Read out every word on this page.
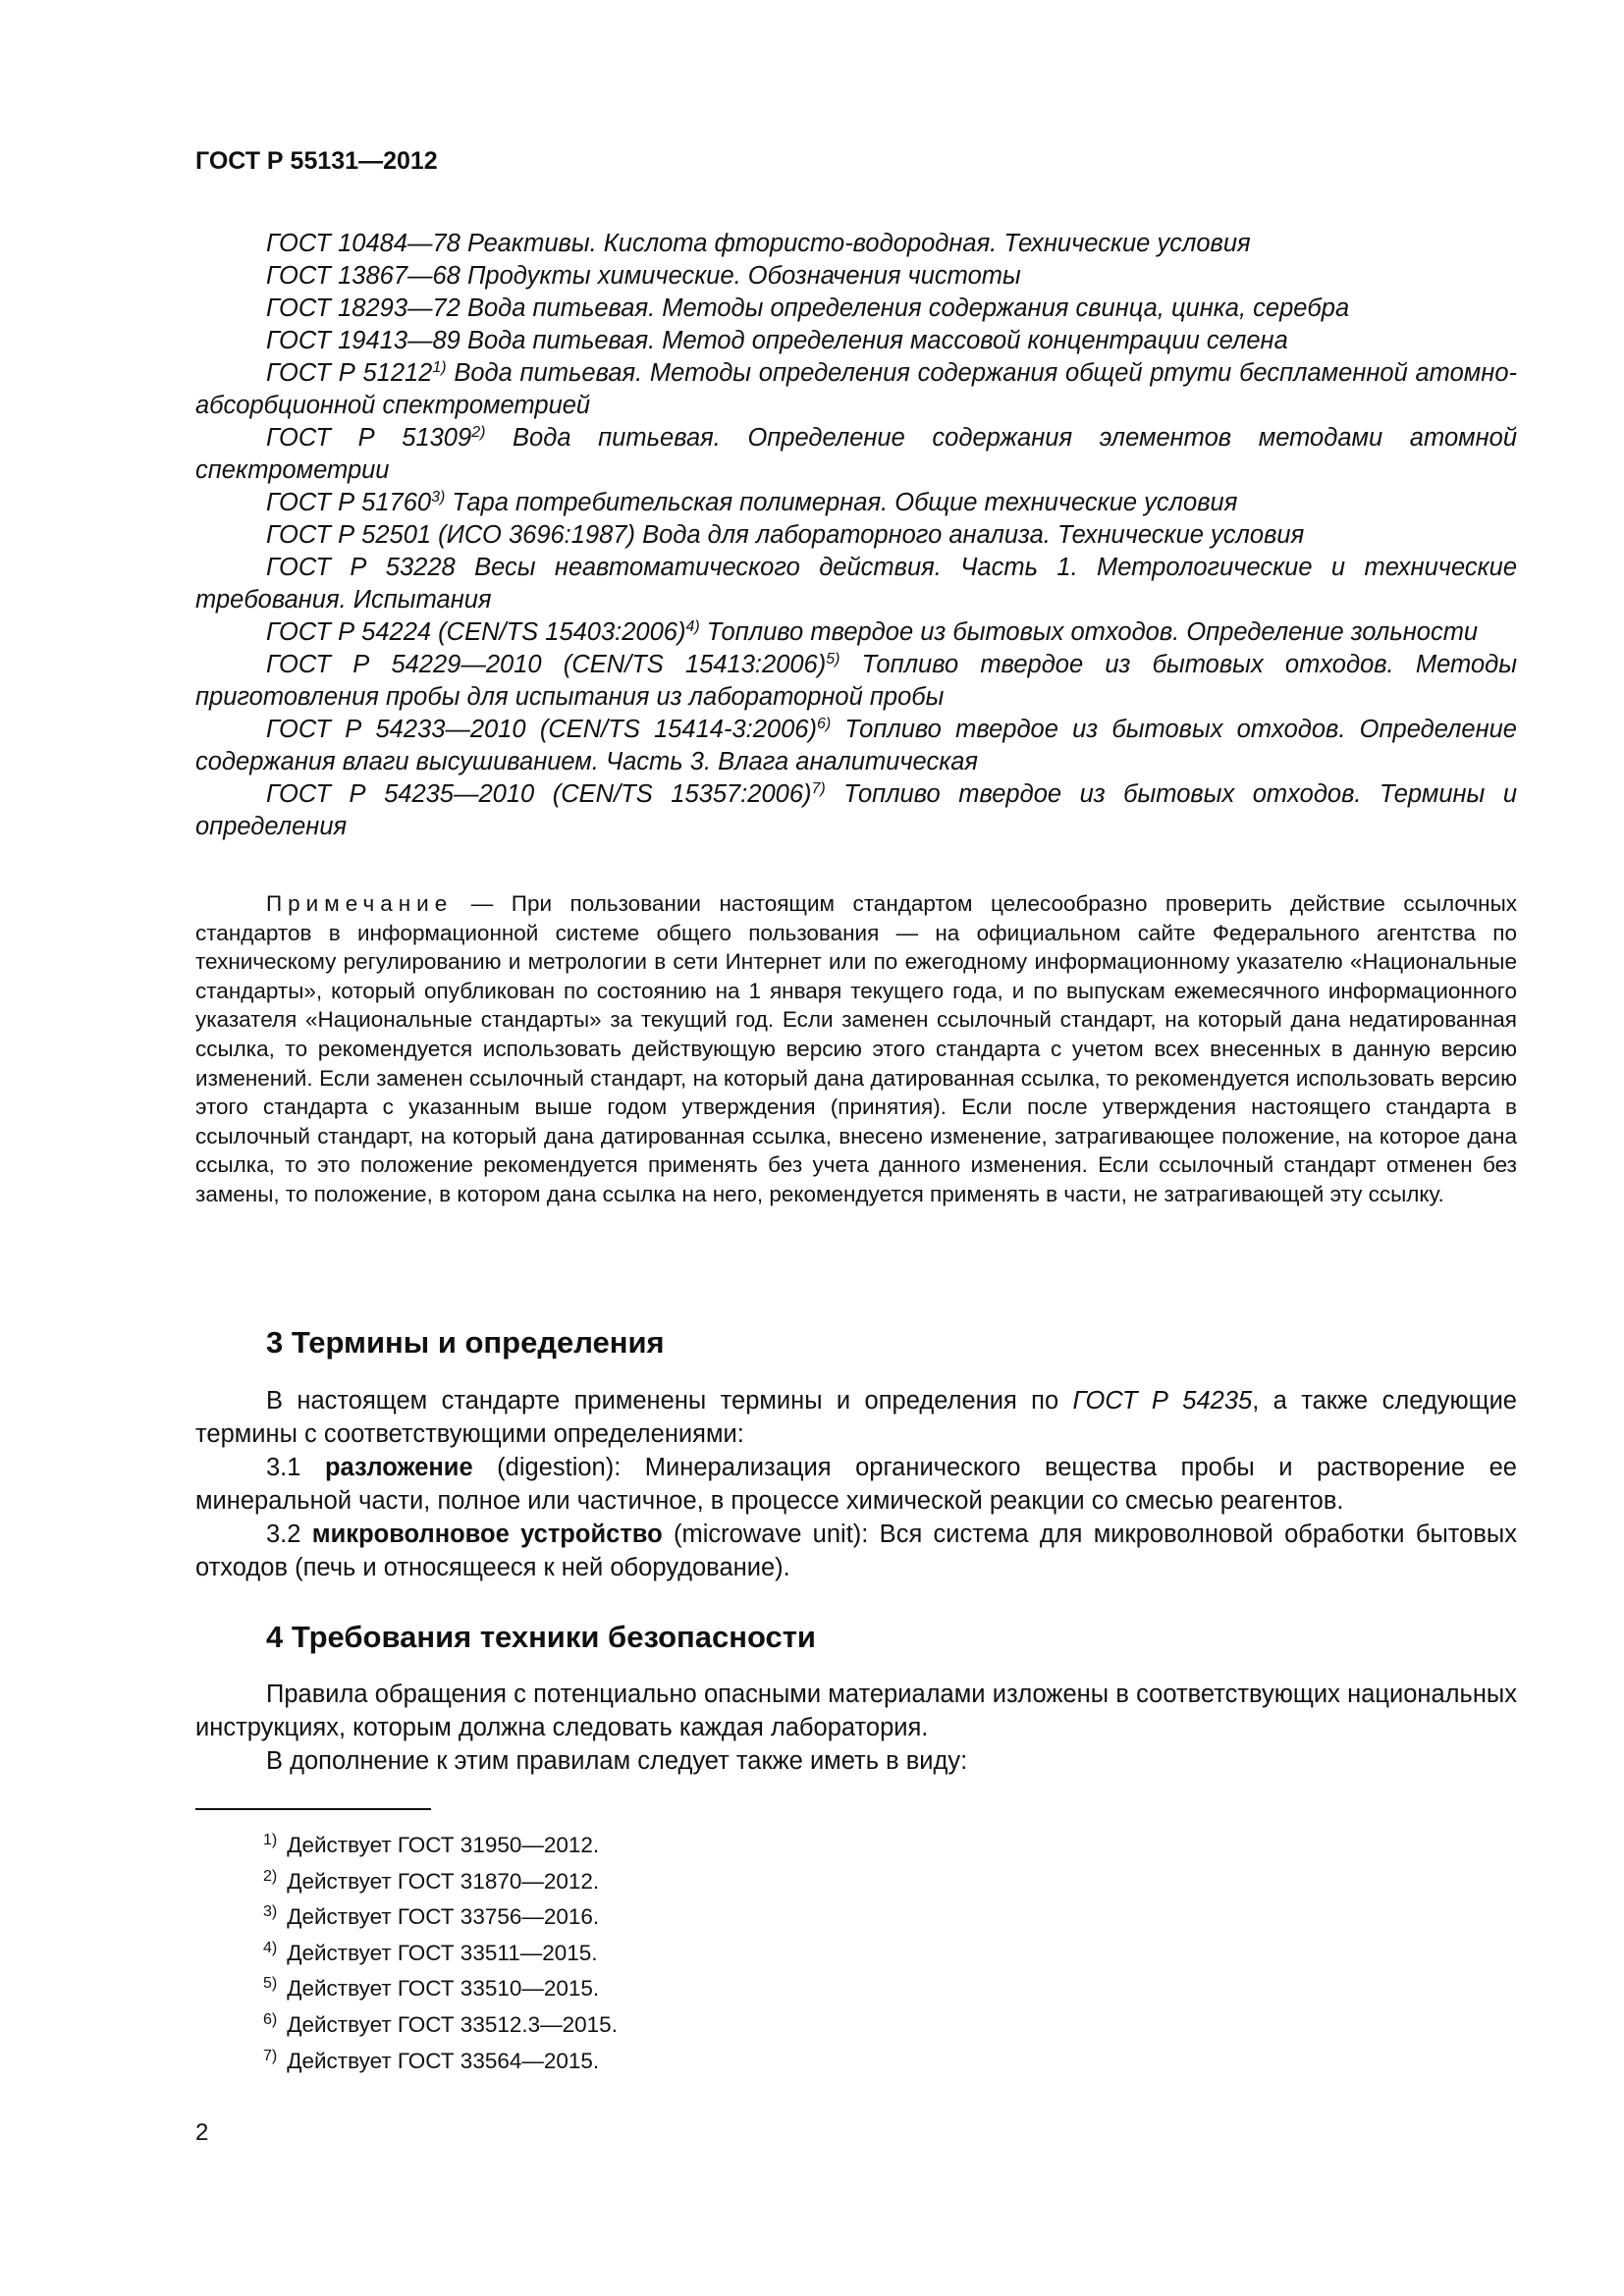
ГОСТ Р 55131—2012

ГОСТ 10484—78 Реактивы. Кислота фтористо-водородная. Технические условия

ГОСТ 13867—68 Продукты химические. Обозначения чистоты

ГОСТ 18293—72 Вода питьевая. Методы определения содержания свинца, цинка, серебра

ГОСТ 19413—89 Вода питьевая. Метод определения массовой концентрации селена

ГОСТ Р 51212$^{1)}$ Вода питьевая. Методы определения содержания общей ртути беспламенной атомно-абсорбционной спектрометрией

ГОСТ Р 51309$^{2)}$ Вода питьевая. Определение содержания элементов методами атомной спектрометрии

ГОСТ Р 51760$^{3)}$ Тара потребительская полимерная. Общие технические условия

ГОСТ Р 52501 (ИСО 3696:1987) Вода для лабораторного анализа. Технические условия

ГОСТ Р 53228 Весы неавтоматического действия. Часть 1. Метрологические и технические требования. Испытания

ГОСТ Р 54224 (CEN/TS 15403:2006)$^{4)}$ Топливо твердое из бытовых отходов. Определение зольности

ГОСТ Р 54229—2010 (CEN/TS 15413:2006)$^{5)}$ Топливо твердое из бытовых отходов. Методы приготовления пробы для испытания из лабораторной пробы

ГОСТ Р 54233—2010 (CEN/TS 15414-3:2006)$^{6)}$ Топливо твердое из бытовых отходов. Определение содержания влаги высушиванием. Часть 3. Влага аналитическая

ГОСТ Р 54235—2010 (CEN/TS 15357:2006)$^{7)}$ Топливо твердое из бытовых отходов. Термины и определения

Примечание — При пользовании настоящим стандартом целесообразно проверить действие ссылочных стандартов в информационной системе общего пользования — на официальном сайте Федерального агентства по техническому регулированию и метрологии в сети Интернет или по ежегодному информационному указателю «Национальные стандарты», который опубликован по состоянию на 1 января текущего года, и по выпускам ежемесячного информационного указателя «Национальные стандарты» за текущий год. Если заменен ссылочный стандарт, на который дана недатированная ссылка, то рекомендуется использовать действующую версию этого стандарта с учетом всех внесенных в данную версию изменений. Если заменен ссылочный стандарт, на который дана датированная ссылка, то рекомендуется использовать версию этого стандарта с указанным выше годом утверждения (принятия). Если после утверждения настоящего стандарта в ссылочный стандарт, на который дана датированная ссылка, внесено изменение, затрагивающее положение, на которое дана ссылка, то это положение рекомендуется применять без учета данного изменения. Если ссылочный стандарт отменен без замены, то положение, в котором дана ссылка на него, рекомендуется применять в части, не затрагивающей эту ссылку.

3 Термины и определения

В настоящем стандарте применены термины и определения по ГОСТ Р 54235, а также следующие термины с соответствующими определениями:

3.1 разложение (digestion): Минерализация органического вещества пробы и растворение ее минеральной части, полное или частичное, в процессе химической реакции со смесью реагентов.

3.2 микроволновое устройство (microwave unit): Вся система для микроволновой обработки бытовых отходов (печь и относящееся к ней оборудование).

4 Требования техники безопасности

Правила обращения с потенциально опасными материалами изложены в соответствующих национальных инструкциях, которым должна следовать каждая лаборатория.

В дополнение к этим правилам следует также иметь в виду:

$^{1)}$ Действует ГОСТ 31950—2012.

$^{2)}$ Действует ГОСТ 31870—2012.

$^{3)}$ Действует ГОСТ 33756—2016.

$^{4)}$ Действует ГОСТ 33511—2015.

$^{5)}$ Действует ГОСТ 33510—2015.

$^{6)}$ Действует ГОСТ 33512.3—2015.

$^{7)}$ Действует ГОСТ 33564—2015.

2
